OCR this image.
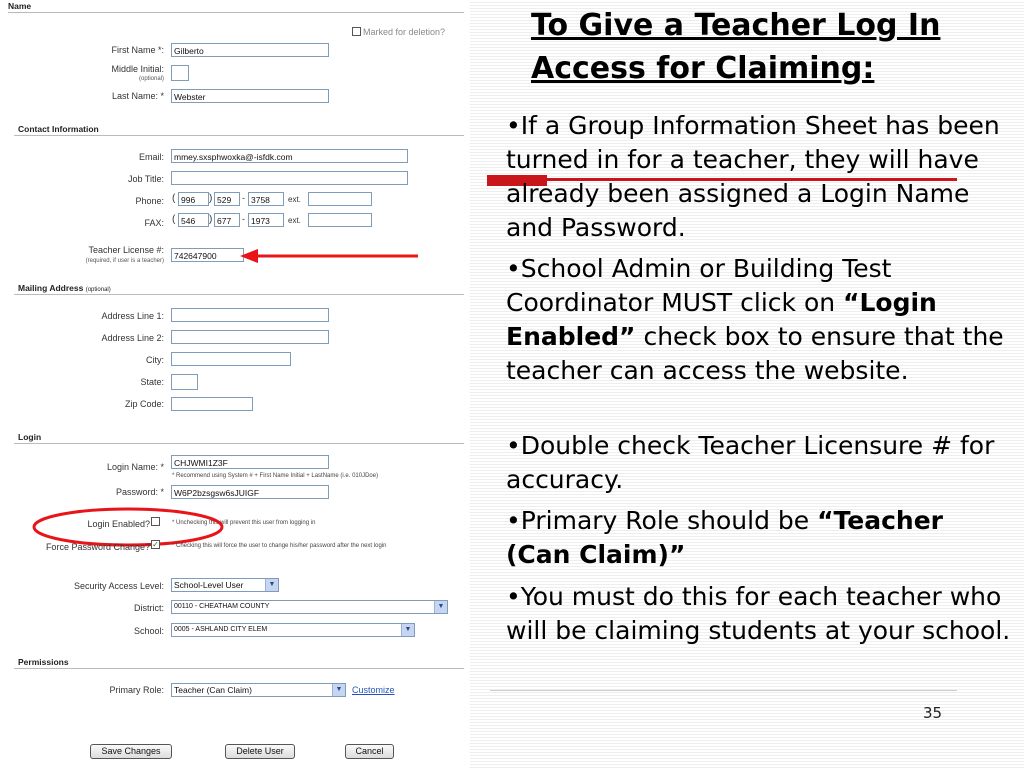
Name
Marked for deletion?
First Name *:	Gilberto
Middle Initial:
(optional)
Last Name: *	Webster
Contact Information
Email:	mmey.sxsphwoxka@-isfdk.com
Job Title:
Phone: ( 996	) 529	- 3758	ext.
FAX: ( 546	) 677	- 1973	ext.
Teacher License #:
(required, if user is a teacher)	742647900
Mailing Address (optional)
Address Line 1:
Address Line 2:
City:
State:
Zip Code:
Login
Login Name: *	CHJWMI1Z3F
* Recommend using System # + First Name Initial + LastName (i.e. 010JDoe)
Password: *	W6P2bzsgsw6sJUIGF
Login Enabled?	* Unchecking this will prevent this user from logging in
Force Password Change? ✓ * Checking this will force the user to change his/her password after the next login
Security Access Level:	School-Level User	▼
District:	00110 - CHEATHAM COUNTY	▼
School:	0005 - ASHLAND CITY ELEM	▼
Permissions
Primary Role:	Teacher (Can Claim)	▼ Customize
Save Changes	Delete User	Cancel
To Give a Teacher Log In
Access for Claiming:
•If a Group Information Sheet has been turned in for a teacher, they will have already been assigned a Login Name and Password.
•School Admin or Building Test Coordinator MUST click on “Login Enabled” check box to ensure that the teacher can access the website.
•Double check Teacher Licensure # for accuracy.
•Primary Role should be “Teacher (Can Claim)”
•You must do this for each teacher who will be claiming students at your school.
35
